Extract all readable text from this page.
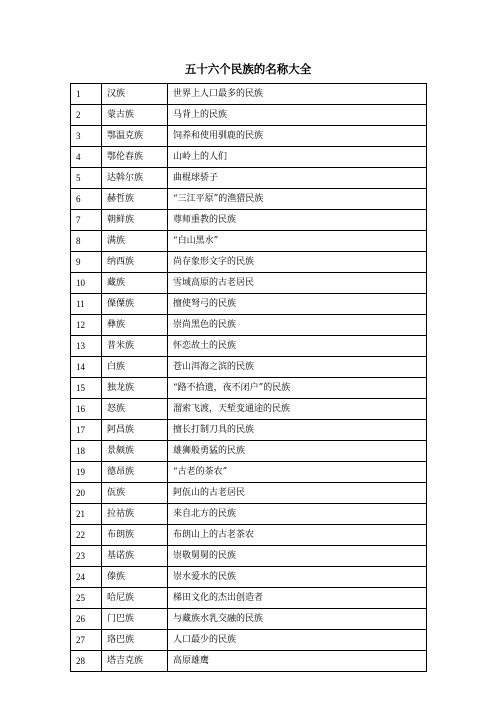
五十六个民族的名称大全
1	汉族	世界上人口最多的民族
2	蒙古族	马背上的民族
3	鄂温克族	饲养和使用驯鹿的民族
4	鄂伦春族	山岭上的人们
5	达斡尔族	曲棍球骄子
6	赫哲族	“三江平原”的渔猎民族
7	朝鲜族	尊师重教的民族
8	满族	“白山黑水”
9	纳西族	尚存象形文字的民族
10	藏族	雪域高原的古老居民
11	傈僳族	擅使弩弓的民族
12	彝族	崇尚黑色的民族
13	普米族	怀恋故土的民族
14	白族	苍山洱海之滨的民族
15	独龙族	“路不拾遗，夜不闭户”的民族
16	怒族	溜索飞渡，天堑变通途的民族
17	阿昌族	擅长打制刀具的民族
18	景颇族	雄狮般勇猛的民族
19	德昂族	“古老的茶农”
20	佤族	阿佤山的古老居民
21	拉祜族	来自北方的民族
22	布朗族	布朗山上的古老茶农
23	基诺族	崇敬舅舅的民族
24	傣族	崇水爱水的民族
25	哈尼族	梯田文化的杰出创造者
26	门巴族	与藏族水乳交融的民族
27	珞巴族	人口最少的民族
28	塔吉克族	高原雄鹰
